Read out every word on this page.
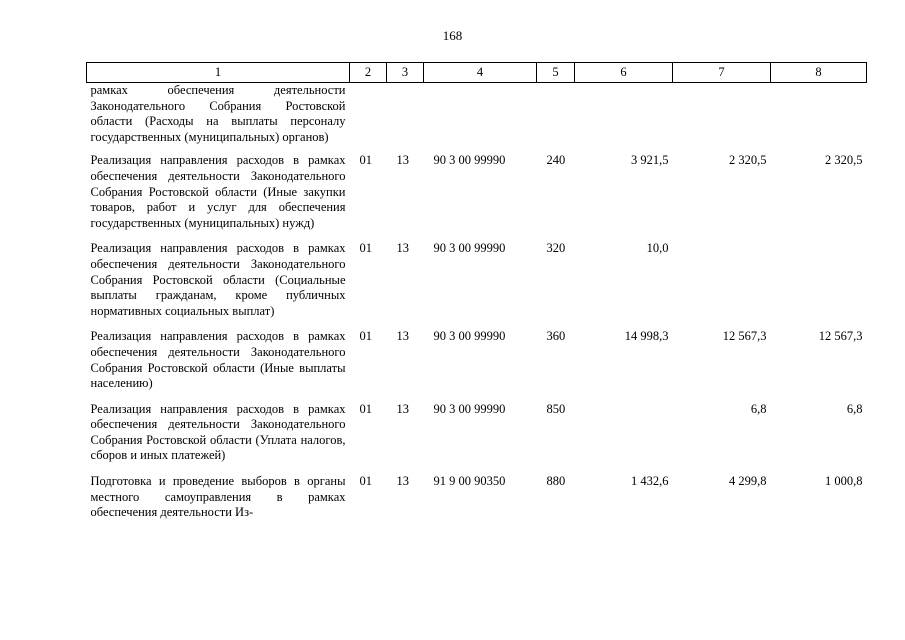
168
1	2	3	4	5	6	7	8
рамках обеспечения деятельности Законодательного Собрания Ростовской области (Расходы на выплаты персоналу государственных (муниципальных) органов)							
Реализация направления расходов в рамках обеспечения деятельности Законодательного Собрания Ростовской области (Иные закупки товаров, работ и услуг для обеспечения государственных (муниципальных) нужд)	01	13	90 3 00 99990	240	3 921,5	2 320,5	2 320,5
Реализация направления расходов в рамках обеспечения деятельности Законодательного Собрания Ростовской области (Социальные выплаты гражданам, кроме публичных нормативных социальных выплат)	01	13	90 3 00 99990	320	10,0		
Реализация направления расходов в рамках обеспечения деятельности Законодательного Собрания Ростовской области (Иные выплаты населению)	01	13	90 3 00 99990	360	14 998,3	12 567,3	12 567,3
Реализация направления расходов в рамках обеспечения деятельности Законодательного Собрания Ростовской области (Уплата налогов, сборов и иных платежей)	01	13	90 3 00 99990	850		6,8	6,8
Подготовка и проведение выборов в органы местного самоуправления в рамках обеспечения деятельности Из-	01	13	91 9 00 90350	880	1 432,6	4 299,8	1 000,8
